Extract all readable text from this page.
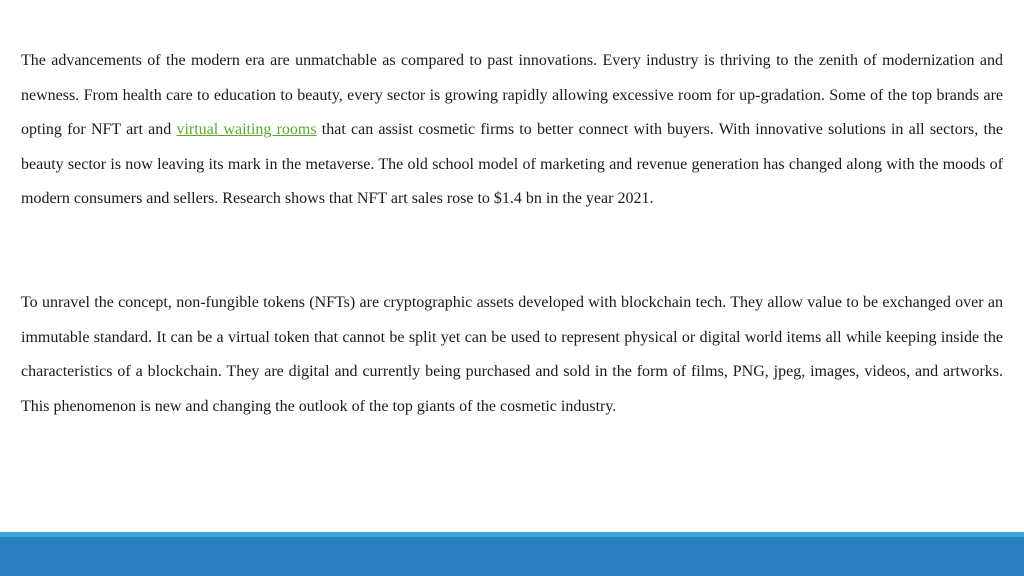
The advancements of the modern era are unmatchable as compared to past innovations. Every industry is thriving to the zenith of modernization and newness. From health care to education to beauty, every sector is growing rapidly allowing excessive room for up-gradation. Some of the top brands are opting for NFT art and virtual waiting rooms that can assist cosmetic firms to better connect with buyers. With innovative solutions in all sectors, the beauty sector is now leaving its mark in the metaverse. The old school model of marketing and revenue generation has changed along with the moods of modern consumers and sellers. Research shows that NFT art sales rose to $1.4 bn in the year 2021.

To unravel the concept, non-fungible tokens (NFTs) are cryptographic assets developed with blockchain tech. They allow value to be exchanged over an immutable standard. It can be a virtual token that cannot be split yet can be used to represent physical or digital world items all while keeping inside the characteristics of a blockchain. They are digital and currently being purchased and sold in the form of films, PNG, jpeg, images, videos, and artworks. This phenomenon is new and changing the outlook of the top giants of the cosmetic industry.
